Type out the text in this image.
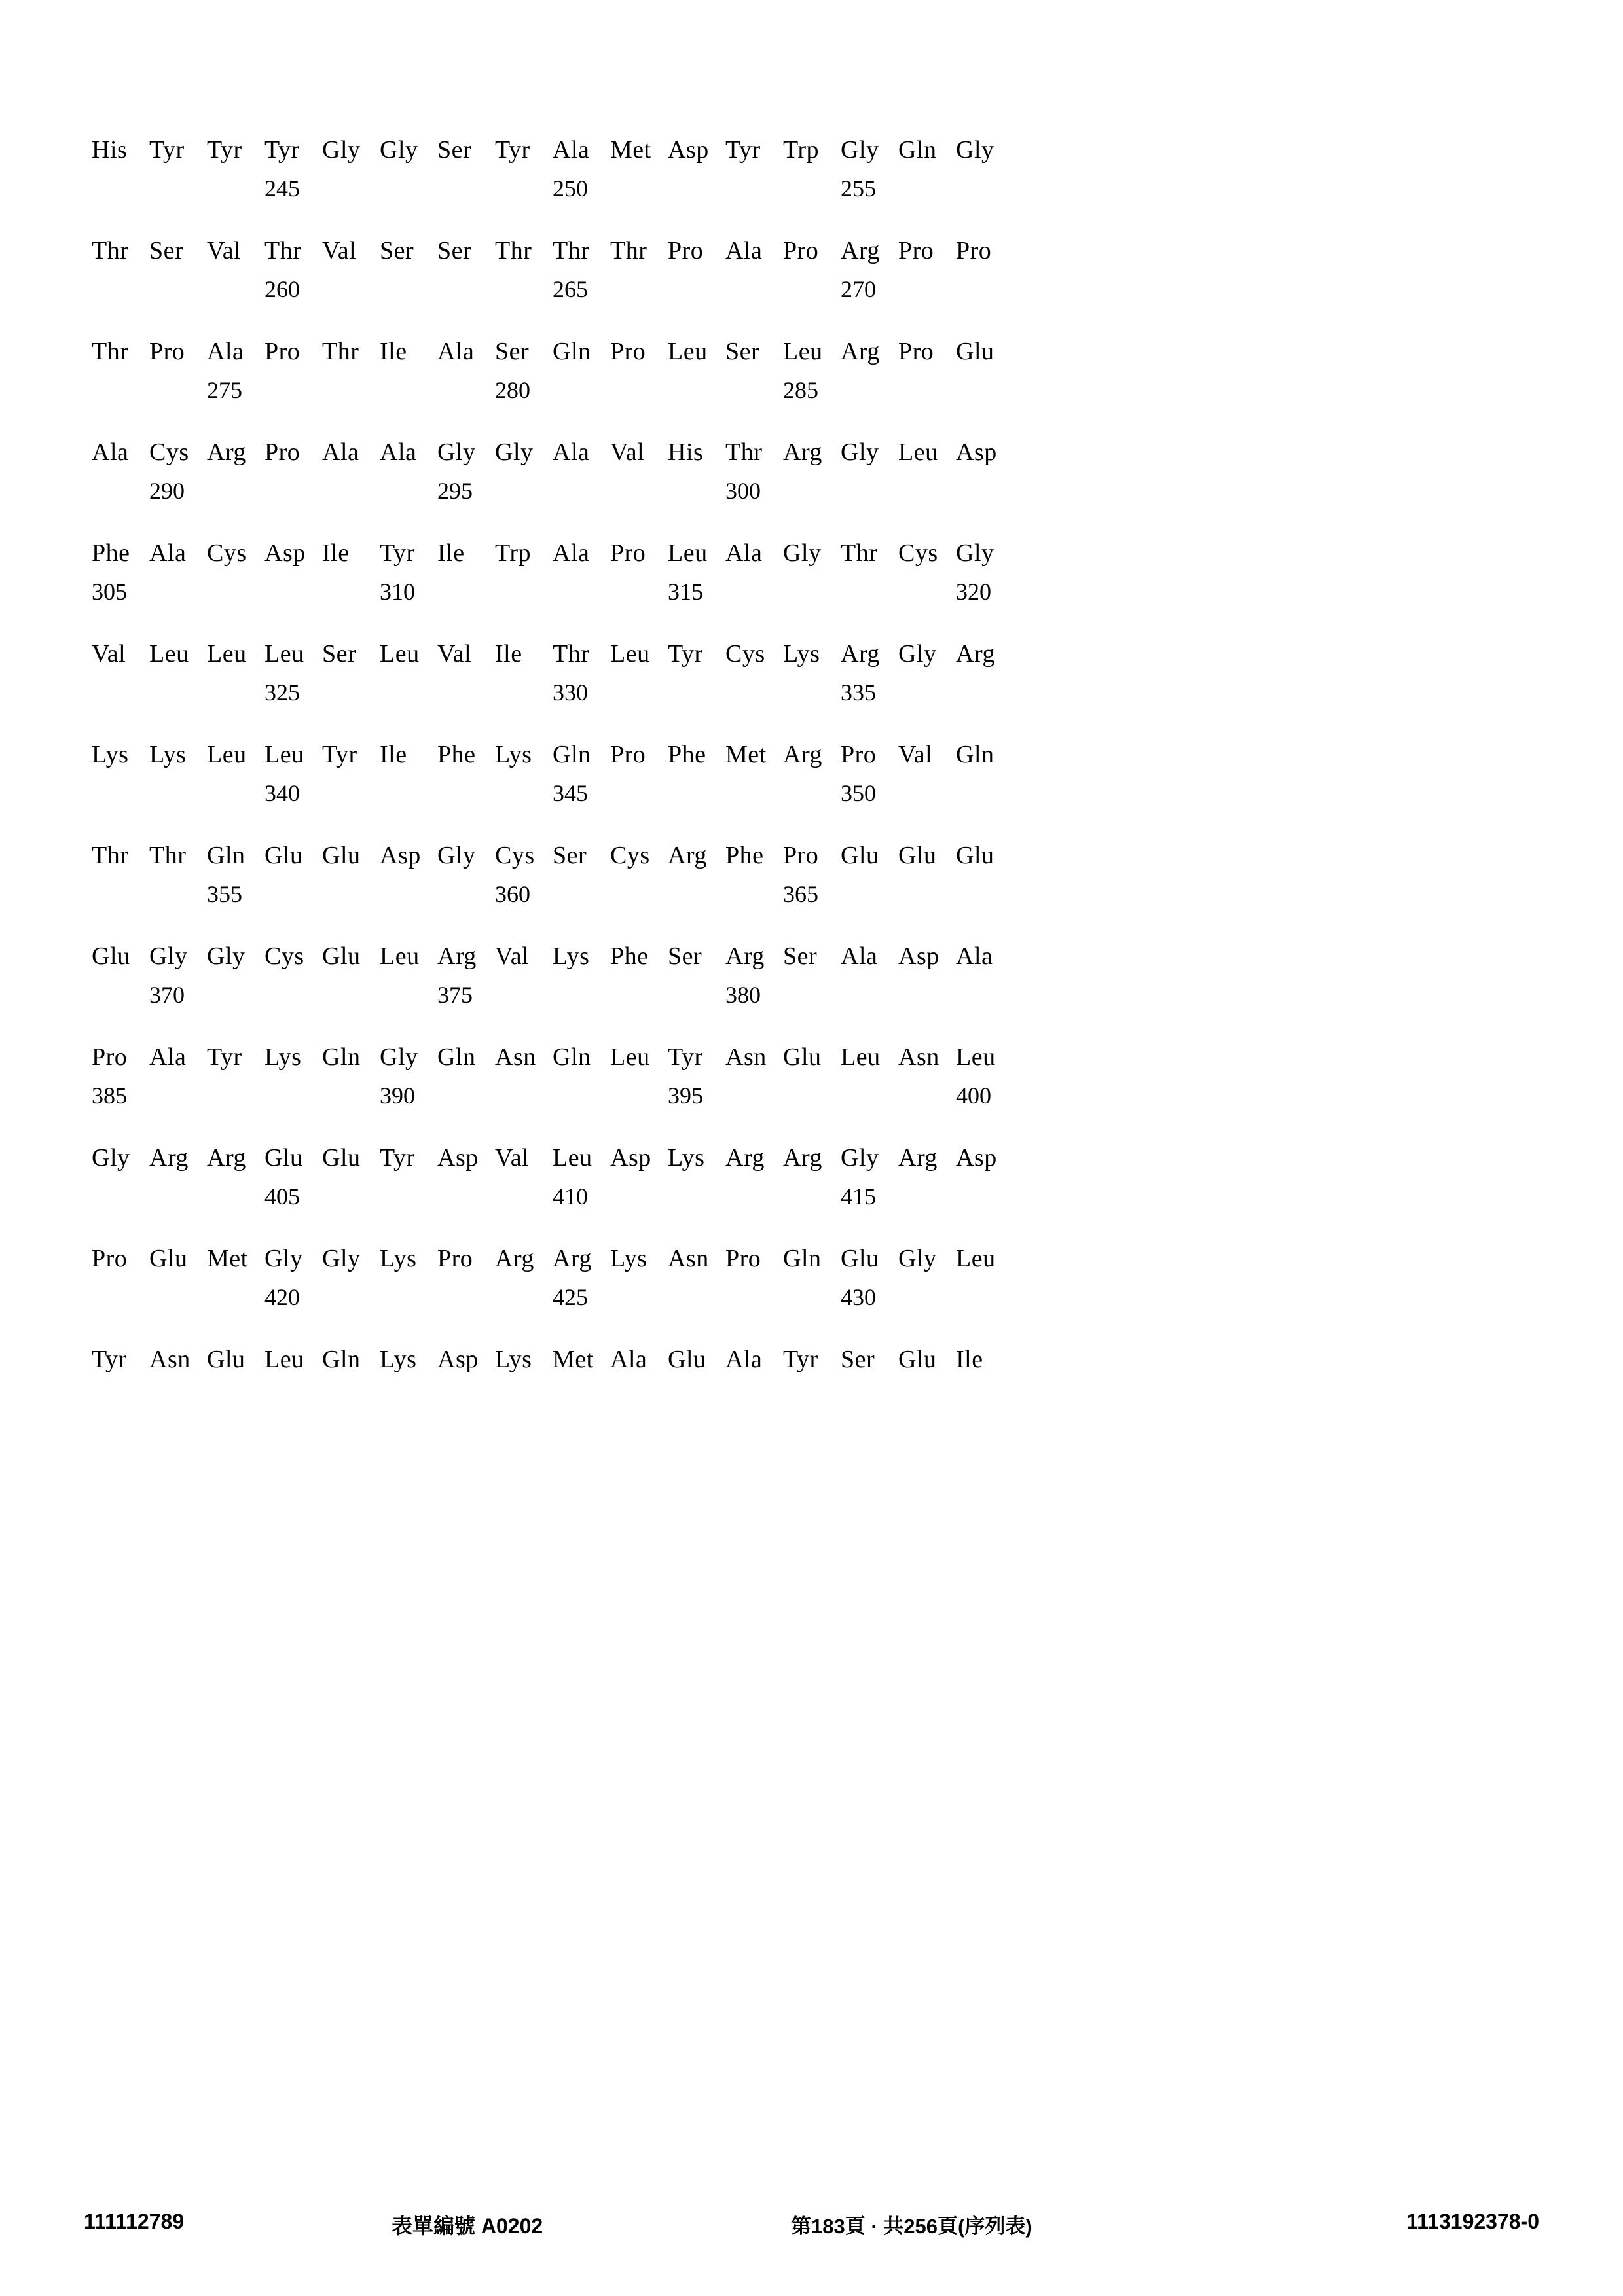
His Tyr Tyr Tyr Gly Gly Ser Tyr Ala Met Asp Tyr Trp Gly Gln Gly
245	250	255
Thr Ser Val Thr Val Ser Ser Thr Thr Thr Pro Ala Pro Arg Pro Pro
260	265	270
Thr Pro Ala Pro Thr Ile	Ala Ser Gln Pro Leu Ser Leu Arg Pro Glu
275	280	285
Ala Cys Arg Pro Ala Ala Gly Gly Ala Val His Thr Arg Gly Leu Asp
290	295	300
Phe Ala Cys Asp Ile	Tyr Ile	Trp Ala Pro Leu Ala Gly Thr Cys Gly
305	310	315	320
Val Leu Leu Leu Ser Leu Val Ile	Thr Leu Tyr Cys Lys Arg Gly Arg
325	330	335
Lys Lys Leu Leu Tyr Ile	Phe Lys Gln Pro Phe Met Arg Pro Val Gln
340	345	350
Thr Thr Gln Glu Glu Asp Gly Cys Ser Cys Arg Phe Pro Glu Glu Glu
355	360	365
Glu Gly Gly Cys Glu Leu Arg Val Lys Phe Ser Arg Ser Ala Asp Ala
370	375	380
Pro Ala Tyr Lys Gln Gly Gln Asn Gln Leu Tyr Asn Glu Leu Asn Leu
385	390	395	400
Gly Arg Arg Glu Glu Tyr Asp Val Leu Asp Lys Arg Arg Gly Arg Asp
405	410	415
Pro Glu Met Gly Gly Lys Pro Arg Arg Lys Asn Pro Gln Glu Gly Leu
420	425	430
Tyr Asn Glu Leu Gln Lys Asp Lys Met Ala Glu Ala Tyr Ser Glu Ile
111112789	表單編號 A0202	第183頁 · 共256頁(序列表)	1113192378-0
